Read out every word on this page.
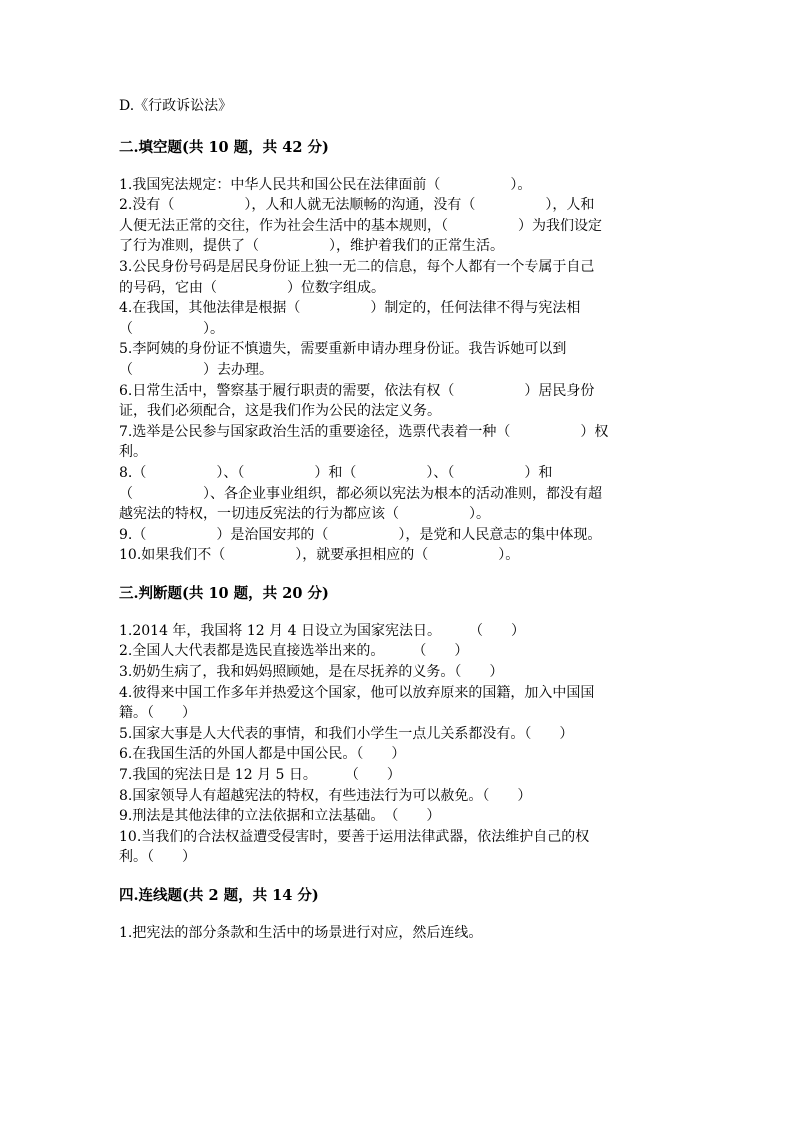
D.《行政诉讼法》
二.填空题(共 10 题，共 42 分)
1.我国宪法规定：中华人民共和国公民在法律面前（　　　　　）。
2.没有（　　　　　），人和人就无法顺畅的沟通，没有（　　　　　），人和
人便无法正常的交往，作为社会生活中的基本规则，（　　　　　）为我们设定
了行为准则，提供了（　　　　　），维护着我们的正常生活。
3.公民身份号码是居民身份证上独一无二的信息，每个人都有一个专属于自己
的号码，它由（　　　　　）位数字组成。
4.在我国，其他法律是根据（　　　　　）制定的，任何法律不得与宪法相
（　　　　　）。
5.李阿姨的身份证不慎遗失，需要重新申请办理身份证。我告诉她可以到
（　　　　　）去办理。
6.日常生活中，警察基于履行职责的需要，依法有权（　　　　　）居民身份
证，我们必须配合，这是我们作为公民的法定义务。
7.选举是公民参与国家政治生活的重要途径，选票代表着一种（　　　　　）权
利。
8.（　　　　　）、（　　　　　）和（　　　　　）、（　　　　　）和
（　　　　　）、各企业事业组织，都必须以宪法为根本的活动准则，都没有超
越宪法的特权，一切违反宪法的行为都应该（　　　　　）。
9.（　　　　　）是治国安邦的（　　　　　），是党和人民意志的集中体现。
10.如果我们不（　　　　　），就要承担相应的（　　　　　）。
三.判断题(共 10 题，共 20 分)
1.2014 年，我国将 12 月 4 日设立为国家宪法日。　　　（　　）
2.全国人大代表都是选民直接选举出来的。　　　（　　）
3.奶奶生病了，我和妈妈照顾她，是在尽抚养的义务。（　　）
4.彼得来中国工作多年并热爱这个国家，他可以放弃原来的国籍，加入中国国
籍。（　　）
5.国家大事是人大代表的事情，和我们小学生一点儿关系都没有。（　　）
6.在我国生活的外国人都是中国公民。（　　）
7.我国的宪法日是 12 月 5 日。　　　（　　）
8.国家领导人有超越宪法的特权，有些违法行为可以赦免。（　　）
9.刑法是其他法律的立法依据和立法基础。　（　　）
10.当我们的合法权益遭受侵害时，要善于运用法律武器，依法维护自己的权
利。（　　）
四.连线题(共 2 题，共 14 分)
1.把宪法的部分条款和生活中的场景进行对应，然后连线。
